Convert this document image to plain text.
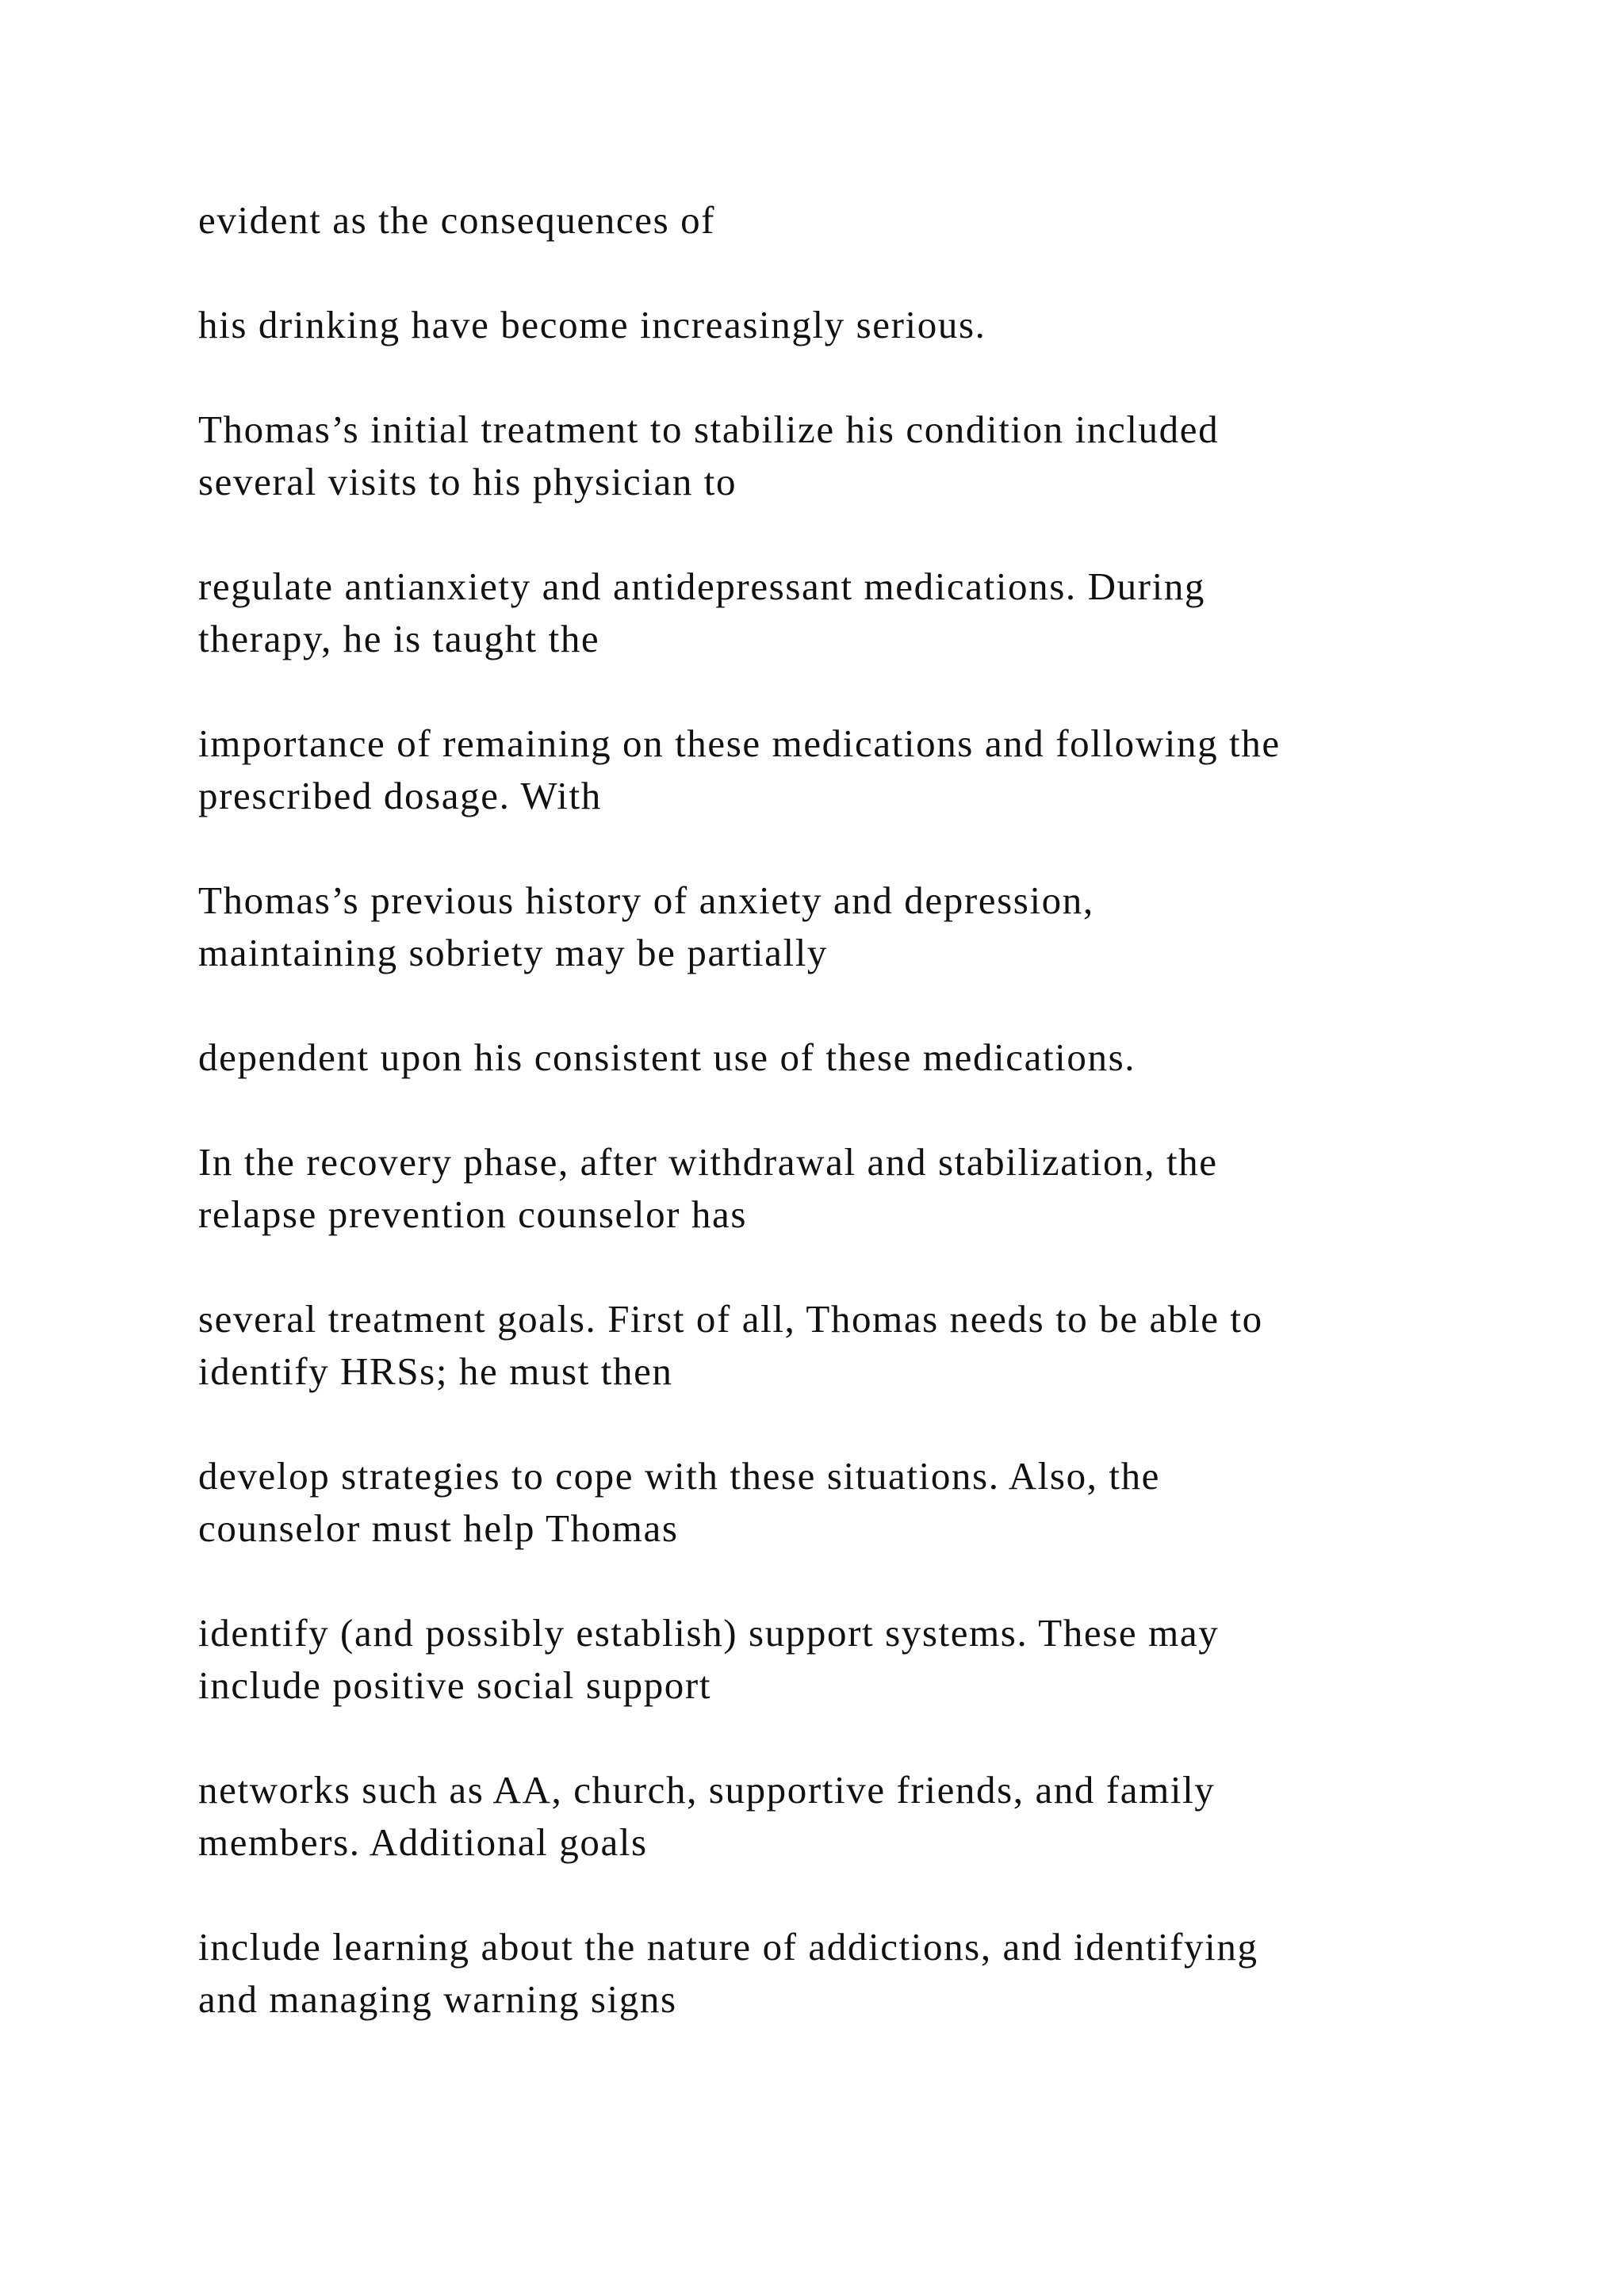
evident as the consequences of

his drinking have become increasingly serious.

Thomas’s initial treatment to stabilize his condition included
several visits to his physician to

regulate antianxiety and antidepressant medications. During
therapy, he is taught the

importance of remaining on these medications and following the
prescribed dosage. With

Thomas’s previous history of anxiety and depression,
maintaining sobriety may be partially

dependent upon his consistent use of these medications.

In the recovery phase, after withdrawal and stabilization, the
relapse prevention counselor has

several treatment goals. First of all, Thomas needs to be able to
identify HRSs; he must then

develop strategies to cope with these situations. Also, the
counselor must help Thomas

identify (and possibly establish) support systems. These may
include positive social support

networks such as AA, church, supportive friends, and family
members. Additional goals

include learning about the nature of addictions, and identifying
and managing warning signs
